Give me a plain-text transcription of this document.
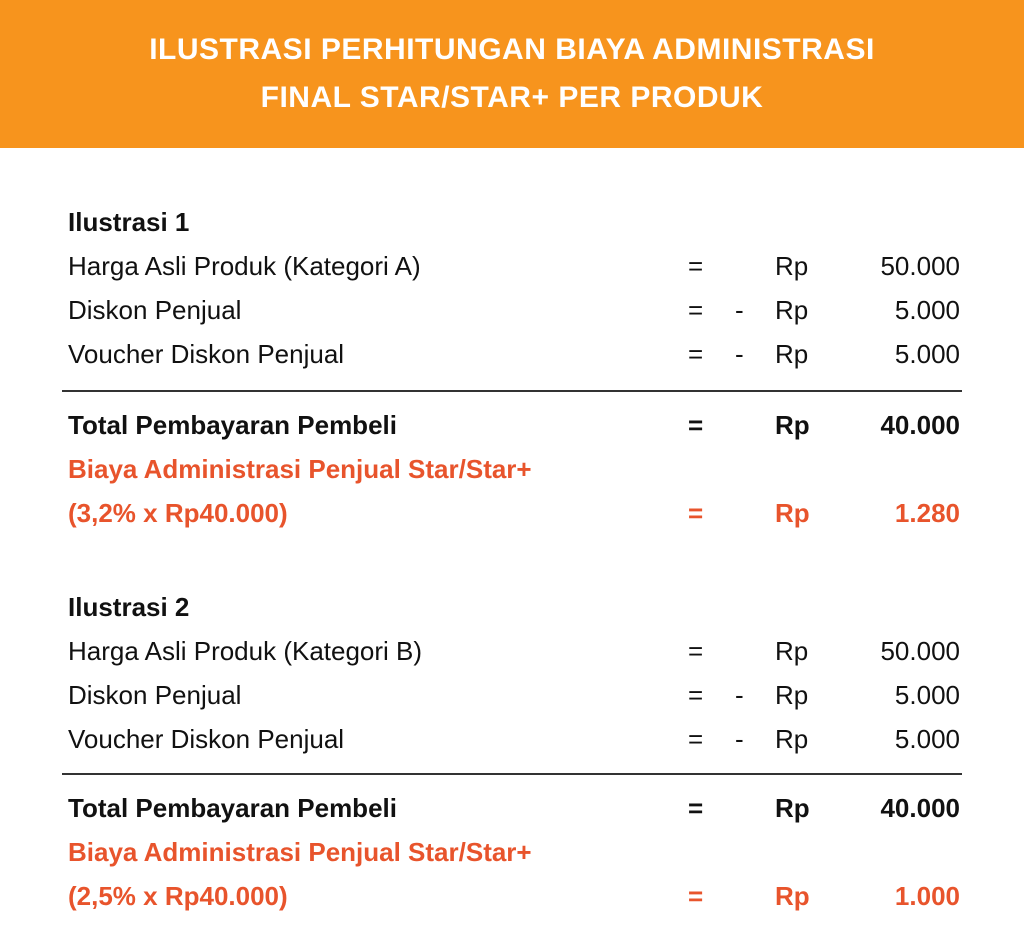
ILUSTRASI PERHITUNGAN BIAYA ADMINISTRASI
FINAL STAR/STAR+ PER PRODUK
Ilustrasi 1
Harga Asli Produk (Kategori A)	=	Rp	50.000
Diskon Penjual	= - Rp	5.000
Voucher Diskon Penjual	= - Rp	5.000
Total Pembayaran Pembeli	=	Rp	40.000
Biaya Administrasi Penjual Star/Star+
(3,2% x Rp40.000)	=	Rp	1.280
Ilustrasi 2
Harga Asli Produk (Kategori B)	=	Rp	50.000
Diskon Penjual	= - Rp	5.000
Voucher Diskon Penjual	= - Rp	5.000
Total Pembayaran Pembeli	=	Rp	40.000
Biaya Administrasi Penjual Star/Star+
(2,5% x Rp40.000)	=	Rp	1.000
